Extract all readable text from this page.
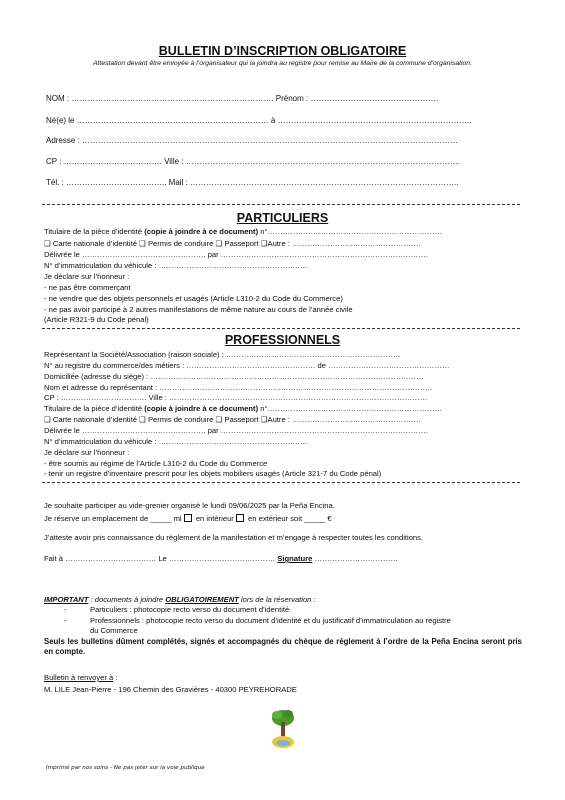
BULLETIN D’INSCRIPTION OBLIGATOIRE
Attestation devant être envoyée à l’organisateur qui la joindra au registre pour remise au Maire de la commune d’organisation.
NOM : …………………………………………………………………. Prénom : …………………………………………
Né(e) le ……………………………………………………………… à ……………………………………………………………….
Adresse : ……………………………………………………………………………………………………………………………
CP : ………………………………. Ville : ………………………………………………………………………………………….
Tél. : ……………………………….. Mail : ………………………………………………………………………………………..
PARTICULIERS
Titulaire de la pièce d’identité (copie à joindre à ce document) n°……………………………………………………………
❑ Carte nationale d’identité ❑ Permis de conduire ❑ Passeport ❑Autre : ……………………………………………
Délivrée le …………………………………………. par ……………………………………………………………………….
N° d’immatriculation du véhicule : …………………………………………………..
Je déclare sur l’honneur :
- ne pas être commerçant
- ne vendre que des objets personnels et usagés (Article L310-2 du Code du Commerce)
- ne pas avoir participé à 2 autres manifestations de même nature au cours de l’année civile
(Article R321-9 du Code pénal)
PROFESSIONNELS
Représentant la Société/Association (raison sociale) : ……………………………………………………………
N° au registre du commerce/des métiers : …………………………………………… de …………………………………………
Domiciliée (adresse du siège) : ………………………………………………………………………………………………
Nom et adresse du représentant : ………………………………………………………………………………………………
CP : ……………………………. Ville : …………………………………………………………………………………………
Titulaire de la pièce d’identité (copie à joindre à ce document) n°……………………………………………………………
❑ Carte nationale d’identité ❑ Permis de conduire ❑ Passeport ❑Autre : ……………………………………………
Délivrée le …………………………………………. par ……………………………………………………………………….
N° d’immatriculation du véhicule : …………………………………………………..
Je déclare sur l’honneur :
- être soumis au régime de l’Article L310-2 du Code du Commerce
- tenir un registre d’inventaire prescrit pour les objets mobiliers usagés (Article 321-7 du Code pénal)
Je souhaite participer au vide-grenier organisé le lundi 09/06/2025 par la Peña Encina.
Je réserve un emplacement de _____ ml  en intérieur  en extérieur soit _____ €
J’atteste avoir pris connaissance du règlement de la manifestation et m’engage à respecter toutes les conditions.
Fait à ……………………………… Le …………………………………… Signature ……………………………
IMPORTANT : documents à joindre OBLIGATOIREMENT lors de la réservation :
-	Particuliers : photocopie recto verso du document d’identité
-	Professionnels : photocopie recto verso du document d’identité et du justificatif d’immatriculation au registre
du Commerce
Seuls les bulletins dûment complétés, signés et accompagnés du chèque de règlement à l’ordre de la Peña Encina seront pris en compte.
Bulletin à renvoyer à :
M. LILE Jean-Pierre - 196 Chemin des Gravières - 40300 PEYREHORADE
Imprimé par nos soins - Ne pas jeter sur la voie publique
